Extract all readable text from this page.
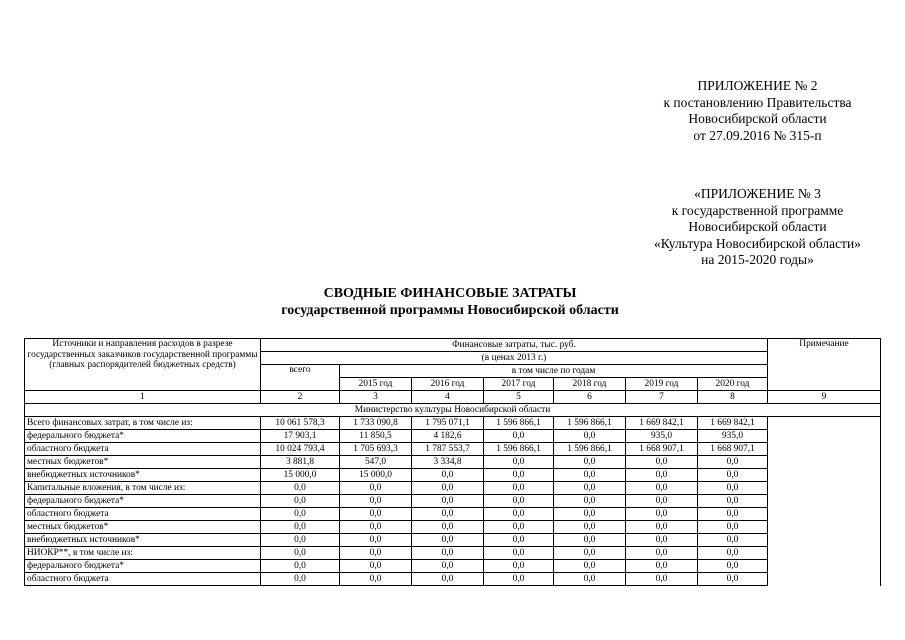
ПРИЛОЖЕНИЕ № 2
к постановлению Правительства
Новосибирской области
от 27.09.2016 № 315-п
«ПРИЛОЖЕНИЕ № 3
к государственной программе
Новосибирской области
«Культура Новосибирской области»
на 2015-2020 годы»
СВОДНЫЕ ФИНАНСОВЫЕ ЗАТРАТЫ
государственной программы Новосибирской области
Источники и направления расходов в разрезе государственных заказчиков государственной программы (главных распорядителей бюджетных средств)	Финансовые затраты, тыс. руб.							Примечание
	(в ценах 2013 г.)							
	всего	в том числе по годам						
		2015 год	2016 год	2017 год	2018 год	2019 год	2020 год	
1	2	3	4	5	6	7	8	9
Министерство культуры Новосибирской области								
Всего финансовых затрат, в том числе из:	10 061 578,3	1 733 090,8	1 795 071,1	1 596 866,1	1 596 866,1	1 669 842,1	1 669 842,1	
федерального бюджета*	17 903,1	11 850,5	4 182,6	0,0	0,0	935,0	935,0	
областного бюджета	10 024 793,4	1 705 693,3	1 787 553,7	1 596 866,1	1 596 866,1	1 668 907,1	1 668 907,1	
местных бюджетов*	3 881,8	547,0	3 334,8	0,0	0,0	0,0	0,0	
внебюджетных источников*	15 000,0	15 000,0	0,0	0,0	0,0	0,0	0,0	
Капитальные вложения, в том числе из:	0,0	0,0	0,0	0,0	0,0	0,0	0,0	
федерального бюджета*	0,0	0,0	0,0	0,0	0,0	0,0	0,0	
областного бюджета	0,0	0,0	0,0	0,0	0,0	0,0	0,0	
местных бюджетов*	0,0	0,0	0,0	0,0	0,0	0,0	0,0	
внебюджетных источников*	0,0	0,0	0,0	0,0	0,0	0,0	0,0	
НИОКР**, в том числе из:	0,0	0,0	0,0	0,0	0,0	0,0	0,0	
федерального бюджета*	0,0	0,0	0,0	0,0	0,0	0,0	0,0	
областного бюджета	0,0	0,0	0,0	0,0	0,0	0,0	0,0	
